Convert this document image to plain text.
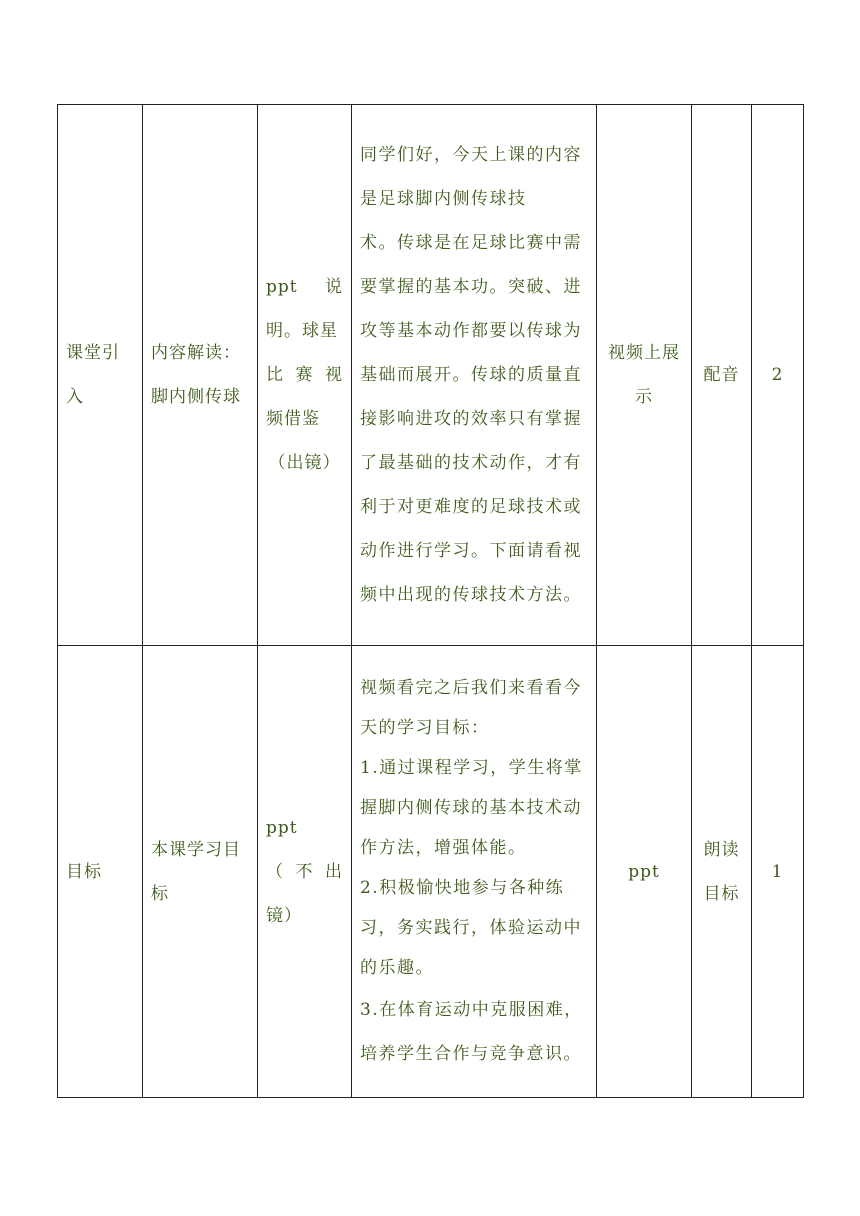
课堂引入	内容解读：脚内侧传球	ppt 说
明。球星
比 赛 视
频借鉴
（出镜）	同学们好，今天上课的内容是足球脚内侧传球技
术。传球是在足球比赛中需要掌握的基本功。突破、进攻等基本动作都要以传球为基础而展开。传球的质量直接影响进攻的效率只有掌握了最基础的技术动作，才有利于对更难度的足球技术或动作进行学习。下面请看视频中出现的传球技术方法。	视频上展示	配音	2
目标	本课学习目标	ppt
（ 不 出
镜）	视频看完之后我们来看看今天的学习目标：
1.通过课程学习，学生将掌握脚内侧传球的基本技术动作方法，增强体能。
2.积极愉快地参与各种练习，务实践行，体验运动中的乐趣。
3.在体育运动中克服困难，培养学生合作与竞争意识。	ppt	朗读目标	1
